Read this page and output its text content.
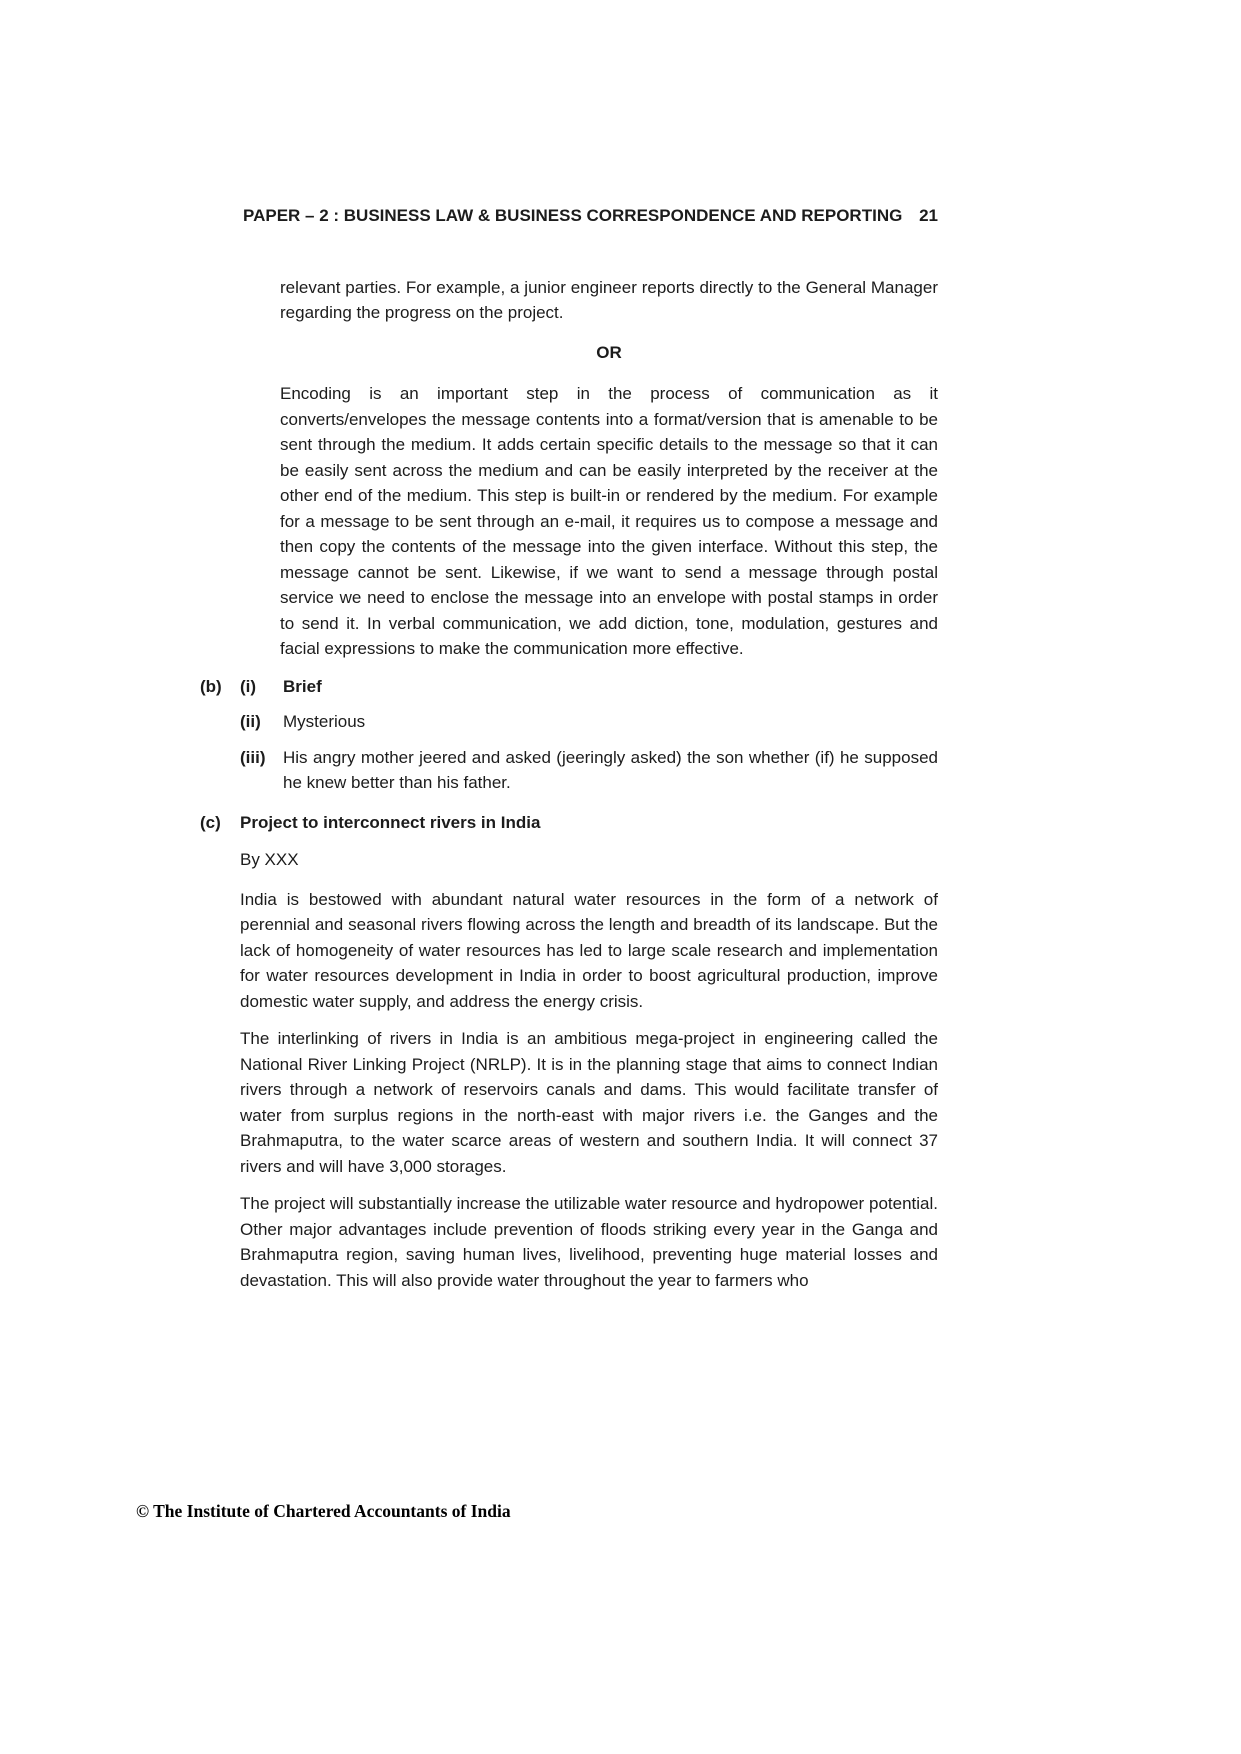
PAPER – 2 : BUSINESS LAW & BUSINESS CORRESPONDENCE AND REPORTING 21

relevant parties. For example, a junior engineer reports directly to the General Manager regarding the progress on the project.

OR

Encoding is an important step in the process of communication as it converts/envelopes the message contents into a format/version that is amenable to be sent through the medium. It adds certain specific details to the message so that it can be easily sent across the medium and can be easily interpreted by the receiver at the other end of the medium. This step is built-in or rendered by the medium. For example for a message to be sent through an e-mail, it requires us to compose a message and then copy the contents of the message into the given interface. Without this step, the message cannot be sent. Likewise, if we want to send a message through postal service we need to enclose the message into an envelope with postal stamps in order to send it. In verbal communication, we add diction, tone, modulation, gestures and facial expressions to make the communication more effective.

(b)	(i)	Brief
(ii)	Mysterious
(iii)	His angry mother jeered and asked (jeeringly asked) the son whether (if) he supposed he knew better than his father.
(c)	Project to interconnect rivers in India

By XXX

India is bestowed with abundant natural water resources in the form of a network of perennial and seasonal rivers flowing across the length and breadth of its landscape. But the lack of homogeneity of water resources has led to large scale research and implementation for water resources development in India in order to boost agricultural production, improve domestic water supply, and address the energy crisis.

The interlinking of rivers in India is an ambitious mega-project in engineering called the National River Linking Project (NRLP). It is in the planning stage that aims to connect Indian rivers through a network of reservoirs canals and dams. This would facilitate transfer of water from surplus regions in the north-east with major rivers i.e. the Ganges and the Brahmaputra, to the water scarce areas of western and southern India. It will connect 37 rivers and will have 3,000 storages.

The project will substantially increase the utilizable water resource and hydropower potential. Other major advantages include prevention of floods striking every year in the Ganga and Brahmaputra region, saving human lives, livelihood, preventing huge material losses and devastation. This will also provide water throughout the year to farmers who

© The Institute of Chartered Accountants of India
